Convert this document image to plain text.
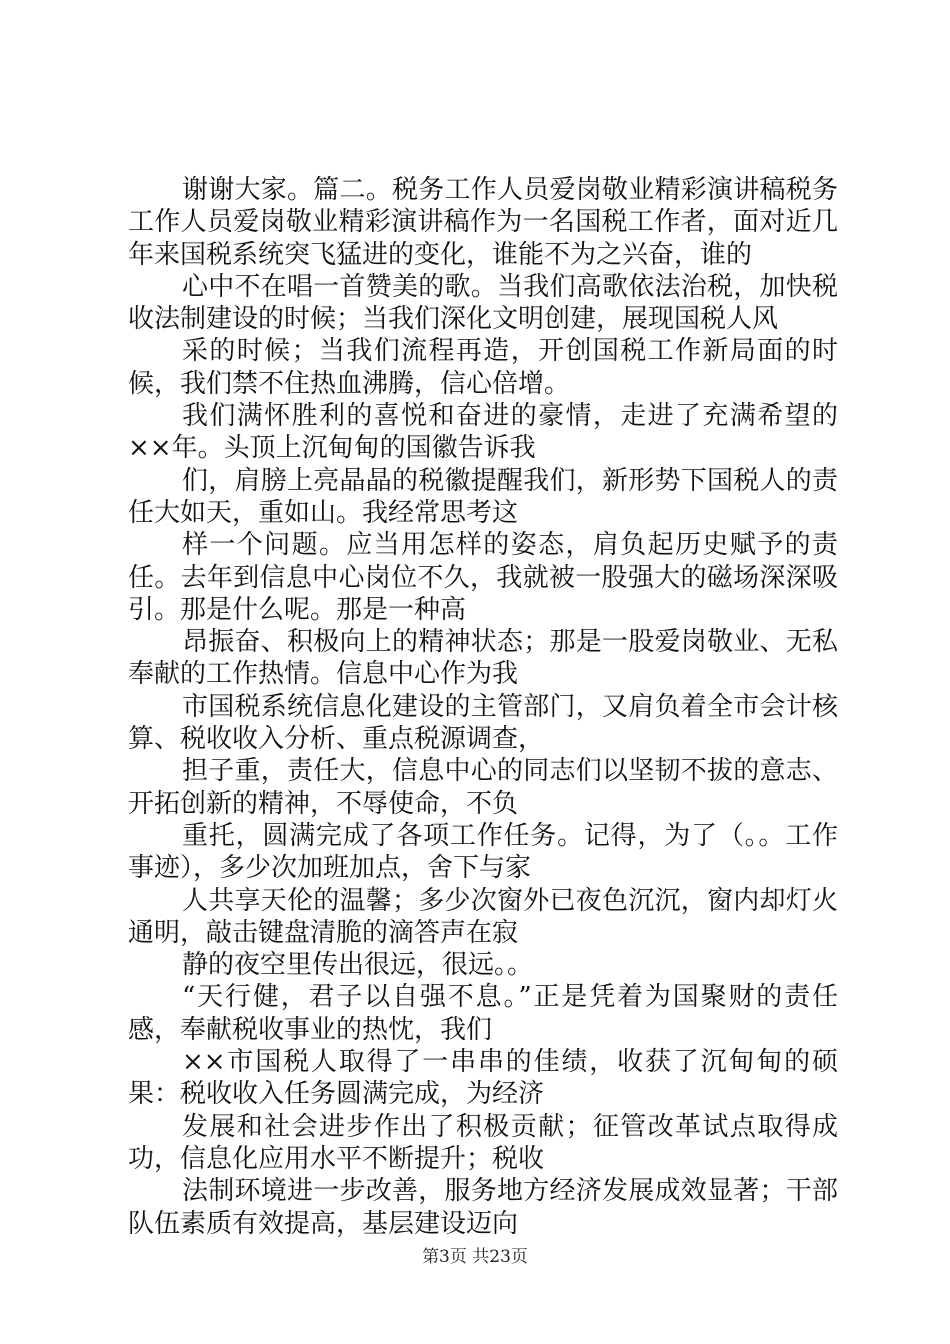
谢谢大家。篇二。税务工作人员爱岗敬业精彩演讲稿税务工作人员爱岗敬业精彩演讲稿作为一名国税工作者，面对近几年来国税系统突飞猛进的变化，谁能不为之兴奋，谁的

心中不在唱一首赞美的歌。当我们高歌依法治税，加快税收法制建设的时候；当我们深化文明创建，展现国税人风

采的时候；当我们流程再造，开创国税工作新局面的时候，我们禁不住热血沸腾，信心倍增。

我们满怀胜利的喜悦和奋进的豪情，走进了充满希望的××年。头顶上沉甸甸的国徽告诉我

们，肩膀上亮晶晶的税徽提醒我们，新形势下国税人的责任大如天，重如山。我经常思考这

样一个问题。应当用怎样的姿态，肩负起历史赋予的责任。去年到信息中心岗位不久，我就被一股强大的磁场深深吸引。那是什么呢。那是一种高

昂振奋、积极向上的精神状态；那是一股爱岗敬业、无私奉献的工作热情。信息中心作为我

市国税系统信息化建设的主管部门，又肩负着全市会计核算、税收收入分析、重点税源调查，

担子重，责任大，信息中心的同志们以坚韧不拔的意志、开拓创新的精神，不辱使命，不负

重托，圆满完成了各项工作任务。记得，为了（。。工作事迹），多少次加班加点，舍下与家

人共享天伦的温馨；多少次窗外已夜色沉沉，窗内却灯火通明，敲击键盘清脆的滴答声在寂

静的夜空里传出很远，很远。。

“天行健，君子以自强不息。”正是凭着为国聚财的责任感，奉献税收事业的热忱，我们

××市国税人取得了一串串的佳绩，收获了沉甸甸的硕果：税收收入任务圆满完成，为经济

发展和社会进步作出了积极贡献；征管改革试点取得成功，信息化应用水平不断提升；税收

法制环境进一步改善，服务地方经济发展成效显著；干部队伍素质有效提高，基层建设迈向

第3页 共23页
